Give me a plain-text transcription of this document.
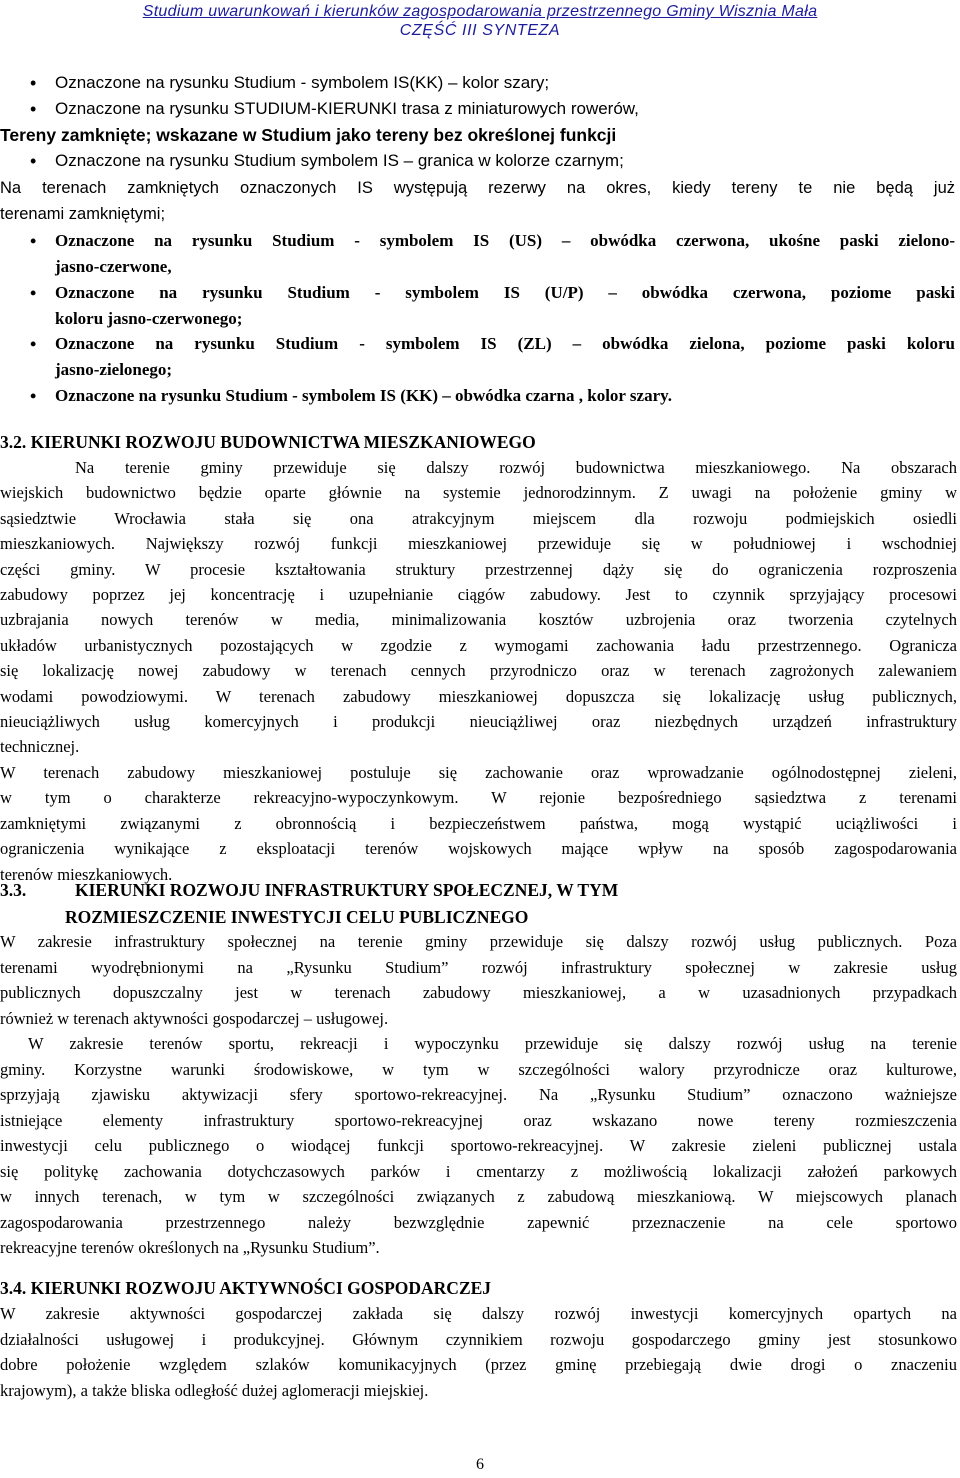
Studium uwarunkowań i kierunków zagospodarowania przestrzennego Gminy Wisznia Mała
CZĘŚĆ III SYNTEZA
•	Oznaczone na rysunku Studium - symbolem IS(KK) – kolor szary;
•	Oznaczone na rysunku STUDIUM-KIERUNKI trasa z miniaturowych rowerów,
Tereny zamknięte; wskazane w Studium jako tereny bez określonej funkcji
•	Oznaczone na rysunku Studium symbolem IS – granica w kolorze czarnym;
Na terenach zamkniętych oznaczonych IS występują rezerwy na okres, kiedy tereny te nie będą już
terenami zamkniętymi;
•	Oznaczone na rysunku Studium - symbolem IS (US) – obwódka czerwona, ukośne paski zielono-
jasno-czerwone,
•	Oznaczone na rysunku Studium - symbolem IS (U/P) – obwódka czerwona, poziome paski
koloru jasno-czerwonego;
•	Oznaczone na rysunku Studium - symbolem IS (ZL) – obwódka zielona, poziome paski koloru
jasno-zielonego;
•	Oznaczone na rysunku Studium - symbolem IS (KK) – obwódka czarna , kolor szary.
3.2. KIERUNKI ROZWOJU BUDOWNICTWA MIESZKANIOWEGO
Na terenie gminy przewiduje się dalszy rozwój budownictwa mieszkaniowego. Na obszarach
wiejskich budownictwo będzie oparte głównie na systemie jednorodzinnym. Z uwagi na położenie gminy w
sąsiedztwie Wrocławia stała się ona atrakcyjnym miejscem dla rozwoju podmiejskich osiedli
mieszkaniowych. Największy rozwój funkcji mieszkaniowej przewiduje się w południowej i wschodniej
części gminy. W procesie kształtowania struktury przestrzennej dąży się do ograniczenia rozproszenia
zabudowy poprzez jej koncentrację i uzupełnianie ciągów zabudowy. Jest to czynnik sprzyjający procesowi
uzbrajania nowych terenów w media, minimalizowania kosztów uzbrojenia oraz tworzenia czytelnych
układów urbanistycznych pozostających w zgodzie z wymogami zachowania ładu przestrzennego. Ogranicza
się lokalizację nowej zabudowy w terenach cennych przyrodniczo oraz w terenach zagrożonych zalewaniem
wodami powodziowymi. W terenach zabudowy mieszkaniowej dopuszcza się lokalizację usług publicznych,
nieuciążliwych usług komercyjnych i produkcji nieuciążliwej oraz niezbędnych urządzeń infrastruktury
technicznej.
W terenach zabudowy mieszkaniowej postuluje się zachowanie oraz wprowadzanie ogólnodostępnej zieleni,
w tym o charakterze rekreacyjno-wypoczynkowym. W rejonie bezpośredniego sąsiedztwa z terenami
zamkniętymi związanymi z obronnością i bezpieczeństwem państwa, mogą wystąpić uciążliwości i
ograniczenia wynikające z eksploatacji terenów wojskowych mające wpływ na sposób zagospodarowania
terenów mieszkaniowych.
3.3.	KIERUNKI ROZWOJU INFRASTRUKTURY SPOŁECZNEJ, W TYM
ROZMIESZCZENIE INWESTYCJI CELU PUBLICZNEGO
W zakresie infrastruktury społecznej na terenie gminy przewiduje się dalszy rozwój usług publicznych. Poza
terenami wyodrębnionymi na „Rysunku Studium” rozwój infrastruktury społecznej w zakresie usług
publicznych dopuszczalny jest w terenach zabudowy mieszkaniowej, a w uzasadnionych przypadkach
również w terenach aktywności gospodarczej – usługowej.
W zakresie terenów sportu, rekreacji i wypoczynku przewiduje się dalszy rozwój usług na terenie
gminy. Korzystne warunki środowiskowe, w tym w szczególności walory przyrodnicze oraz kulturowe,
sprzyjają zjawisku aktywizacji sfery sportowo-rekreacyjnej. Na „Rysunku Studium” oznaczono ważniejsze
istniejące elementy infrastruktury sportowo-rekreacyjnej oraz wskazano nowe tereny rozmieszczenia
inwestycji celu publicznego o wiodącej funkcji sportowo-rekreacyjnej. W zakresie zieleni publicznej ustala
się politykę zachowania dotychczasowych parków i cmentarzy z możliwością lokalizacji założeń parkowych
w innych terenach, w tym w szczególności związanych z zabudową mieszkaniową. W miejscowych planach
zagospodarowania przestrzennego należy bezwzględnie zapewnić przeznaczenie na cele sportowo
rekreacyjne terenów określonych na „Rysunku Studium”.
3.4. KIERUNKI ROZWOJU AKTYWNOŚCI GOSPODARCZEJ
W zakresie aktywności gospodarczej zakłada się dalszy rozwój inwestycji komercyjnych opartych na
działalności usługowej i produkcyjnej. Głównym czynnikiem rozwoju gospodarczego gminy jest stosunkowo
dobre położenie względem szlaków komunikacyjnych (przez gminę przebiegają dwie drogi o znaczeniu
krajowym), a także bliska odległość dużej aglomeracji miejskiej.
6
